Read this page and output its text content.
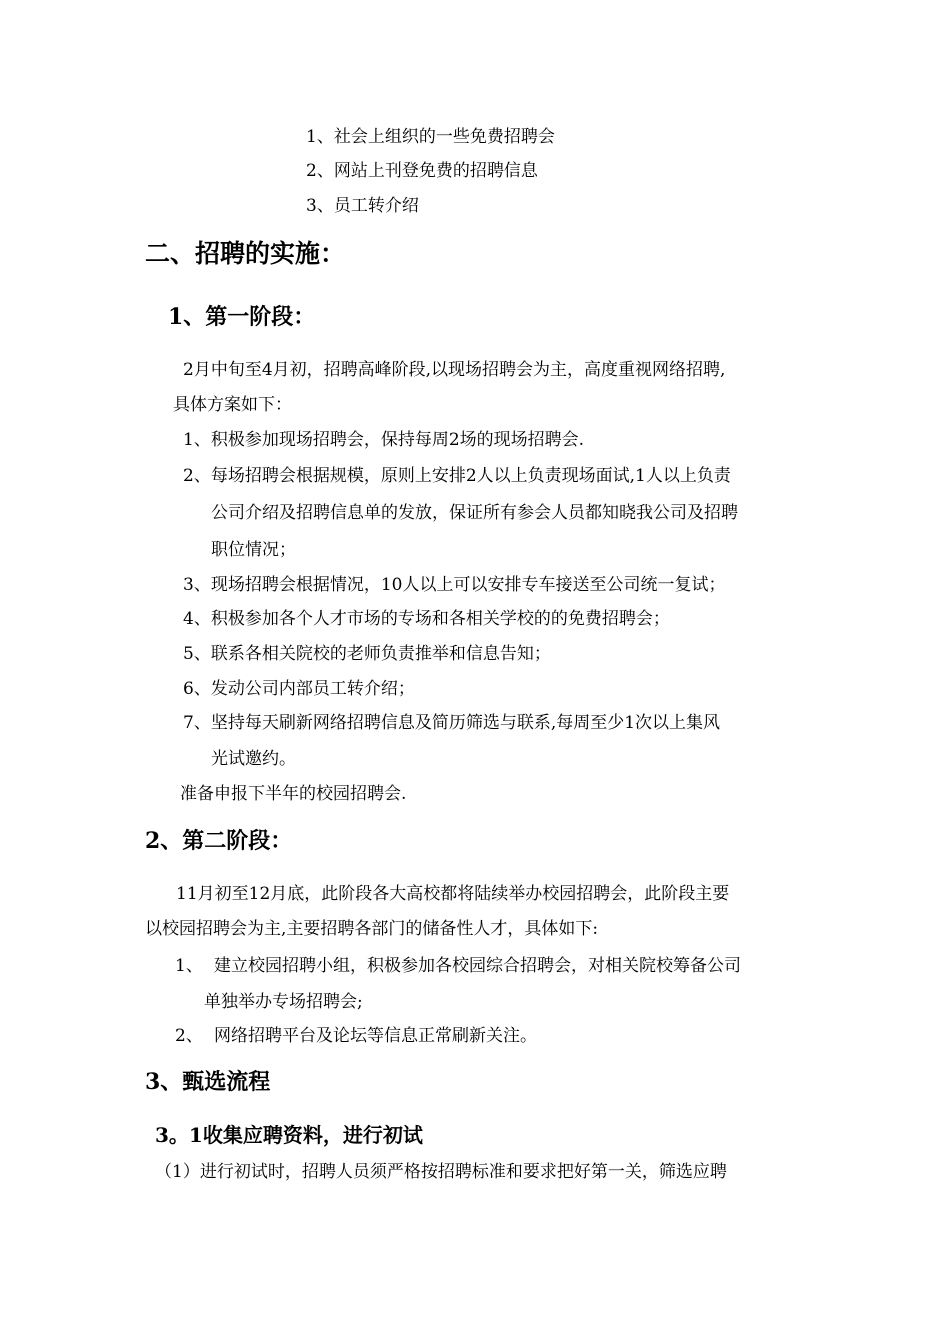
1、社会上组织的一些免费招聘会
2、网站上刊登免费的招聘信息
3、员工转介绍
二、招聘的实施：
1、第一阶段：
2月中旬至4月初，招聘高峰阶段,以现场招聘会为主，高度重视网络招聘,
具体方案如下：
1、积极参加现场招聘会，保持每周2场的现场招聘会.
2、每场招聘会根据规模，原则上安排2人以上负责现场面试,1人以上负责
公司介绍及招聘信息单的发放，保证所有参会人员都知晓我公司及招聘
职位情况；
3、现场招聘会根据情况，10人以上可以安排专车接送至公司统一复试；
4、积极参加各个人才市场的专场和各相关学校的的免费招聘会；
5、联系各相关院校的老师负责推举和信息告知；
6、发动公司内部员工转介绍；
7、坚持每天刷新网络招聘信息及简历筛选与联系,每周至少1次以上集风
光试邀约。
准备申报下半年的校园招聘会.
2、第二阶段：
11月初至12月底，此阶段各大高校都将陆续举办校园招聘会，此阶段主要
以校园招聘会为主,主要招聘各部门的储备性人才，具体如下:
1、 建立校园招聘小组，积极参加各校园综合招聘会，对相关院校筹备公司
单独举办专场招聘会;
2、 网络招聘平台及论坛等信息正常刷新关注。
3、甄选流程
3。1收集应聘资料，进行初试
（1）进行初试时，招聘人员须严格按招聘标准和要求把好第一关，筛选应聘
